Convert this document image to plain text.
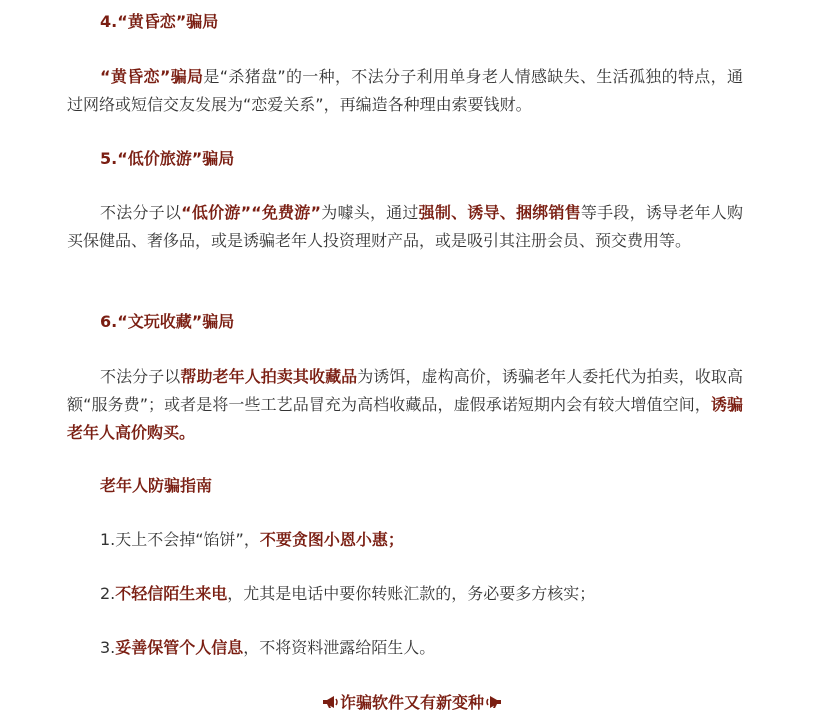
4.“黄昏恋”骗局

“黄昏恋”骗局是“杀猪盘”的一种，不法分子利用单身老人情感缺失、生活孤独的特点，通过网络或短信交友发展为“恋爱关系”，再编造各种理由索要钱财。

5.“低价旅游”骗局

不法分子以“低价游”“免费游”为噱头，通过强制、诱导、捆绑销售等手段，诱导老年人购买保健品、奢侈品，或是诱骗老年人投资理财产品，或是吸引其注册会员、预交费用等。

6.“文玩收藏”骗局

不法分子以帮助老年人拍卖其收藏品为诱饵，虚构高价，诱骗老年人委托代为拍卖，收取高额“服务费”；或者是将一些工艺品冒充为高档收藏品，虚假承诺短期内会有较大增值空间，诱骗老年人高价购买。

老年人防骗指南

1.天上不会掉“馅饼”，不要贪图小恩小惠；

2.不轻信陌生来电，尤其是电话中要你转账汇款的，务必要多方核实；

3.妥善保管个人信息，不将资料泄露给陌生人。

诈骗软件又有新变种
